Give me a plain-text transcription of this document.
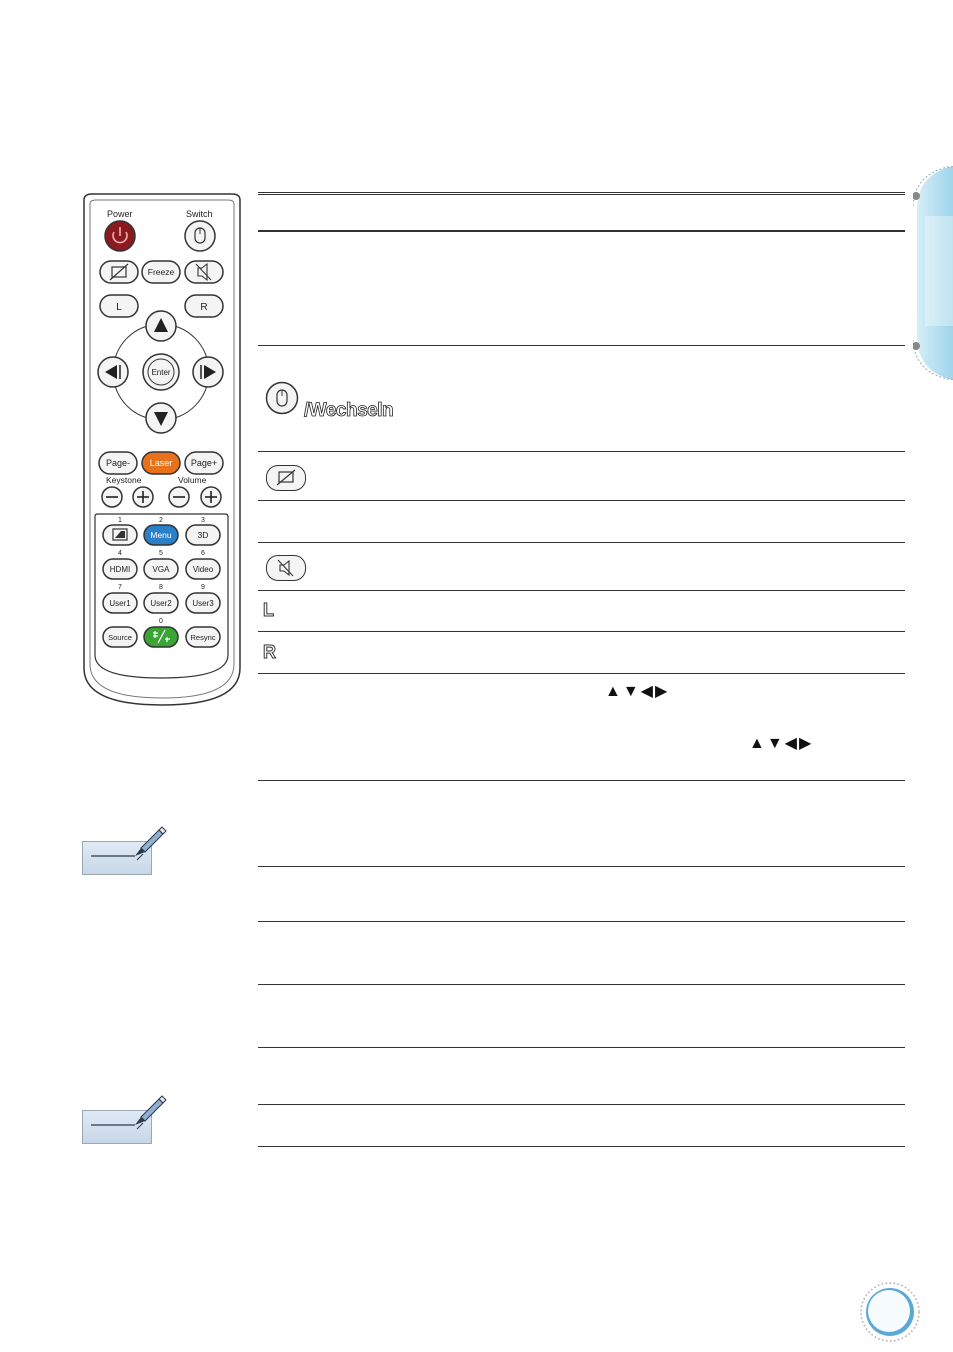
Power	Switch
Freeze
L	R
Enter
Page- Laser Page+
Keystone	Volume
1	2	3
Menu	3D
4	5	6
HDMI	VGA	Video
7	8	9
User1 User2	User3
0
Source	Resync
/Wechseln
L
R
▲▼◀▶
▲▼◀▶
